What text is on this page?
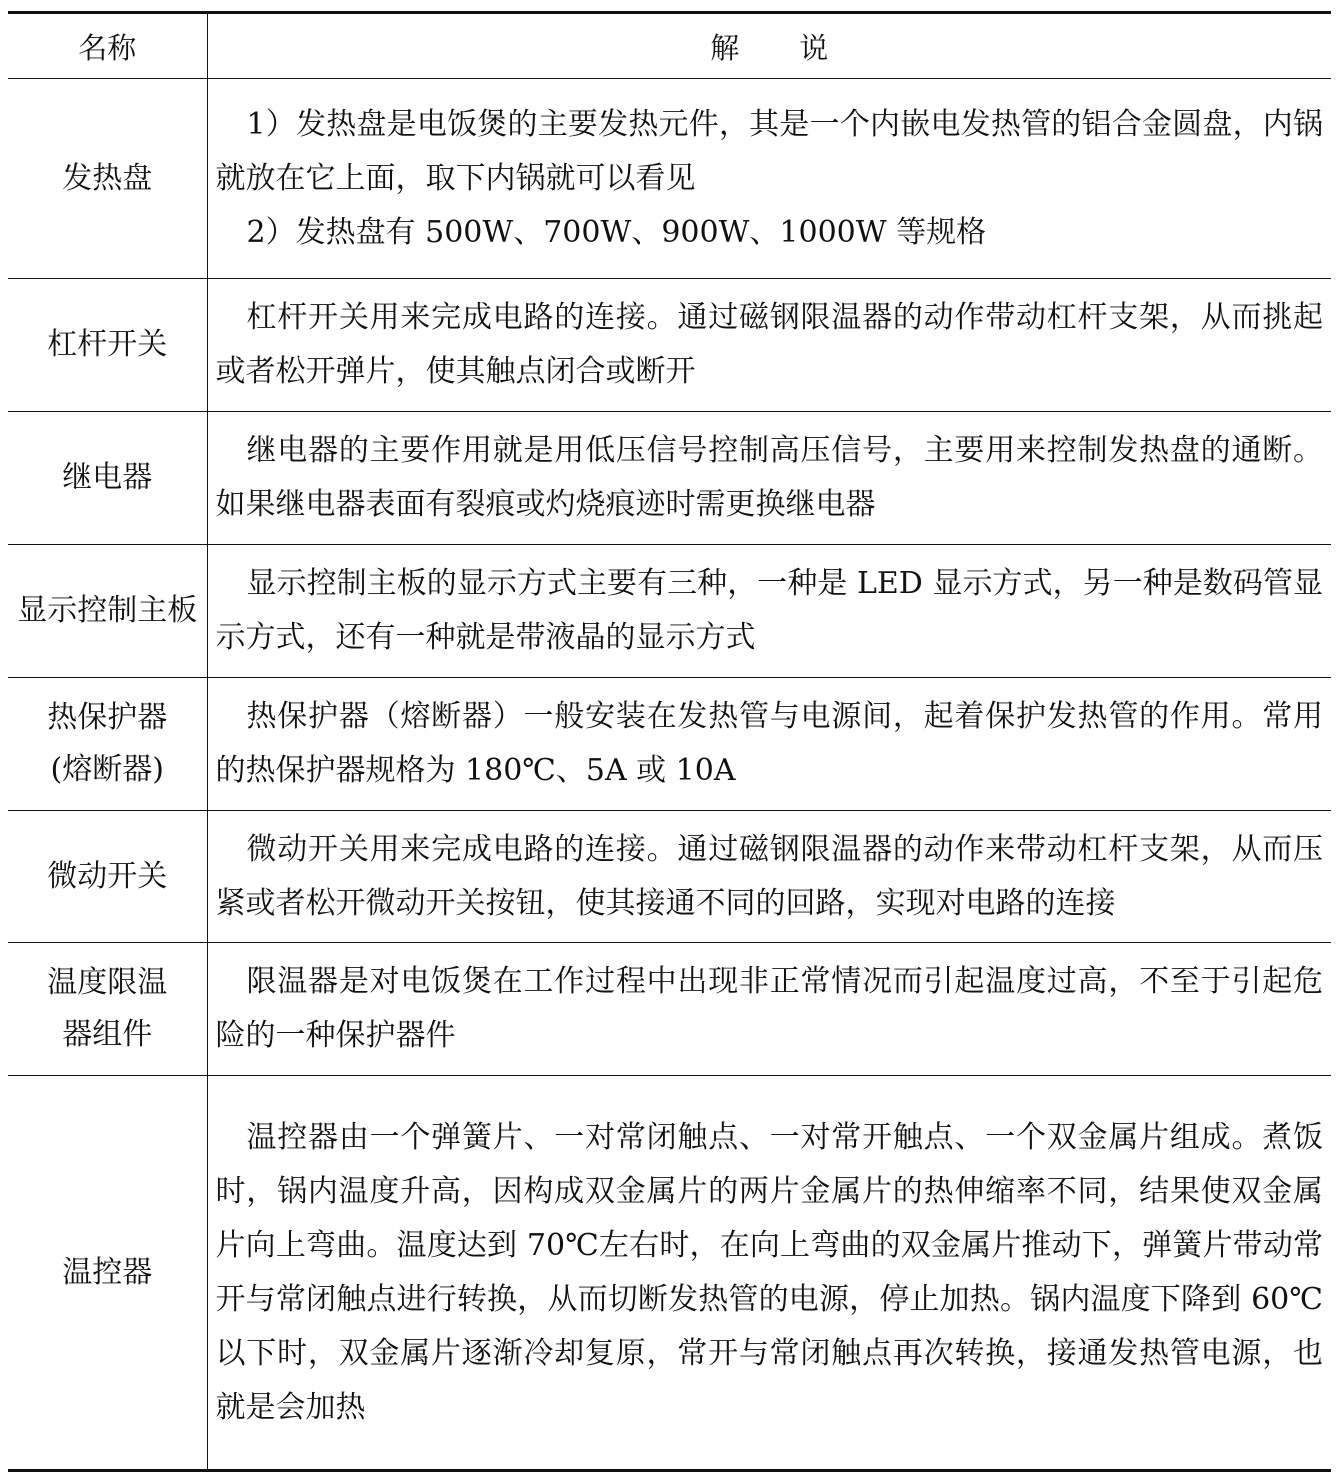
名称	解说

发热盘	1）发热盘是电饭煲的主要发热元件，其是一个内嵌电发热管的铝合金圆盘，内锅就放在它上面，取下内锅就可以看见

2）发热盘有 500W、700W、900W、1000W 等规格

杠杆开关	杠杆开关用来完成电路的连接。通过磁钢限温器的动作带动杠杆支架，从而挑起或者松开弹片，使其触点闭合或断开

继电器	继电器的主要作用就是用低压信号控制高压信号，主要用来控制发热盘的通断。如果继电器表面有裂痕或灼烧痕迹时需更换继电器

显示控制主板	显示控制主板的显示方式主要有三种，一种是 LED 显示方式，另一种是数码管显示方式，还有一种就是带液晶的显示方式

热保护器
(熔断器)	热保护器（熔断器）一般安装在发热管与电源间，起着保护发热管的作用。常用的热保护器规格为 180℃、5A 或 10A

微动开关	微动开关用来完成电路的连接。通过磁钢限温器的动作来带动杠杆支架，从而压紧或者松开微动开关按钮，使其接通不同的回路，实现对电路的连接

温度限温
器组件	限温器是对电饭煲在工作过程中出现非正常情况而引起温度过高，不至于引起危险的一种保护器件

温控器	温控器由一个弹簧片、一对常闭触点、一对常开触点、一个双金属片组成。煮饭时，锅内温度升高，因构成双金属片的两片金属片的热伸缩率不同，结果使双金属片向上弯曲。温度达到 70℃左右时，在向上弯曲的双金属片推动下，弹簧片带动常开与常闭触点进行转换，从而切断发热管的电源，停止加热。锅内温度下降到 60℃以下时，双金属片逐渐冷却复原，常开与常闭触点再次转换，接通发热管电源，也就是会加热
